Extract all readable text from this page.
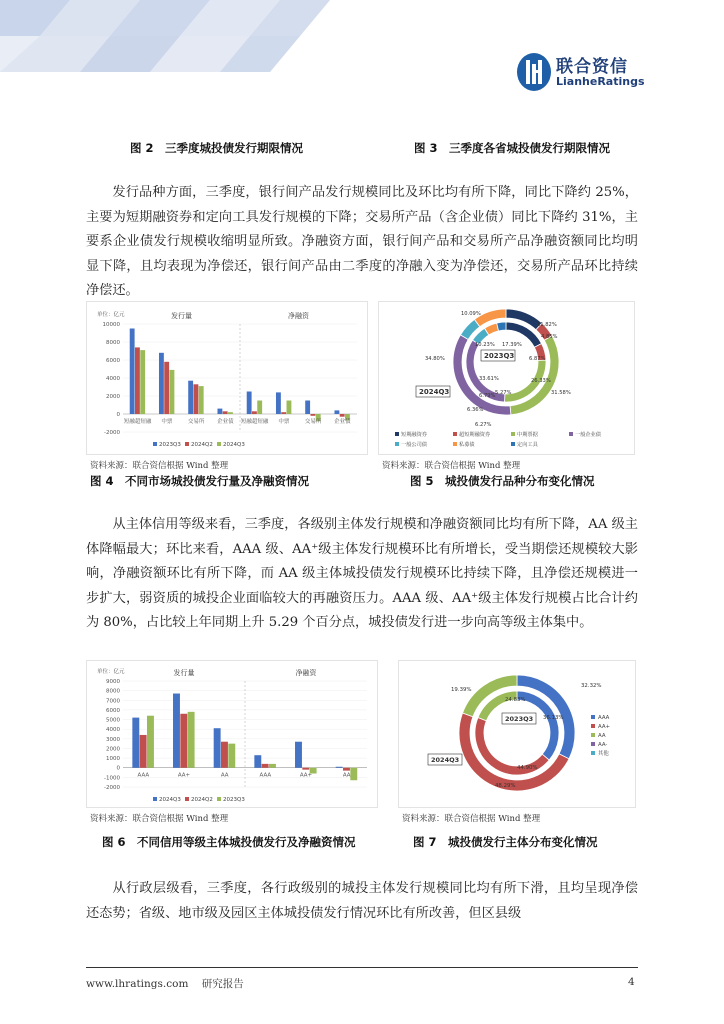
联合资信
LianheRatings
图 2　三季度城投债发行期限情况	图 3　三季度各省城投债发行期限情况

发行品种方面，三季度，银行间产品发行规模同比及环比均有所下降，同比下降约 25%，主要为短期融资券和定向工具发行规模的下降；交易所产品（含企业债）同比下降约 31%，主要系企业债发行规模收缩明显所致。净融资方面，银行间产品和交易所产品净融资额同比均明显下降，且均表现为净偿还，银行间产品由二季度的净融入变为净偿还，交易所产品环比持续净偿还。

单位：亿元
10000
8000
6000
4000
2000
0
-2000
短融超短融 中票	交易所 企业债 短融超短融 中票	交易所 企业债
发行量	净融资
2023Q3 2024Q2 2024Q3
10.09%
11.82%
10.23% 17.39%
4.85%
2023Q3	6.87%
34.80%
26.33%
33.61%
31.58%
2024Q3	6.79% 5.27%
6.36%
6.27%
短期融资券	超短期融资券	中期票据	一般企业债
一般公司债	私募债	定向工具
资料来源：联合资信根据 Wind 整理	资料来源：联合资信根据 Wind 整理
图 4　不同市场城投债发行量及净融资情况	图 5　城投债发行品种分布变化情况

从主体信用等级来看，三季度，各级别主体发行规模和净融资额同比均有所下降，AA 级主体降幅最大；环比来看，AAA 级、AA⁺级主体发行规模环比有所增长，受当期偿还规模较大影响，净融资额环比有所下降，而 AA 级主体城投债发行规模环比持续下降，且净偿还规模进一步扩大，弱资质的城投企业面临较大的再融资压力。AAA 级、AA⁺级主体发行规模占比合计约为 80%，占比较上年同期上升 5.29 个百分点，城投债发行进一步向高等级主体集中。

单位：亿元
9000
8000
7000
6000
5000
4000
3000
2000
1000
0
-1000
-2000
AAA	AA+	AA	AAA	AA+	AA
发行量	净融资
2024Q3 2024Q2 2023Q3
32.32%
19.39%
24.83%
2023Q3 36.13%
44.90%
48.29%
2024Q3
AAA
AA+
AA
AA-
其他
资料来源：联合资信根据 Wind 整理	资料来源：联合资信根据 Wind 整理
图 6　不同信用等级主体城投债发行及净融资情况	图 7　城投债发行主体分布变化情况

从行政层级看，三季度，各行政级别的城投主体发行规模同比均有所下滑，且均呈现净偿还态势；省级、地市级及园区主体城投债发行情况环比有所改善，但区县级

www.lhratings.com 研究报告	4
